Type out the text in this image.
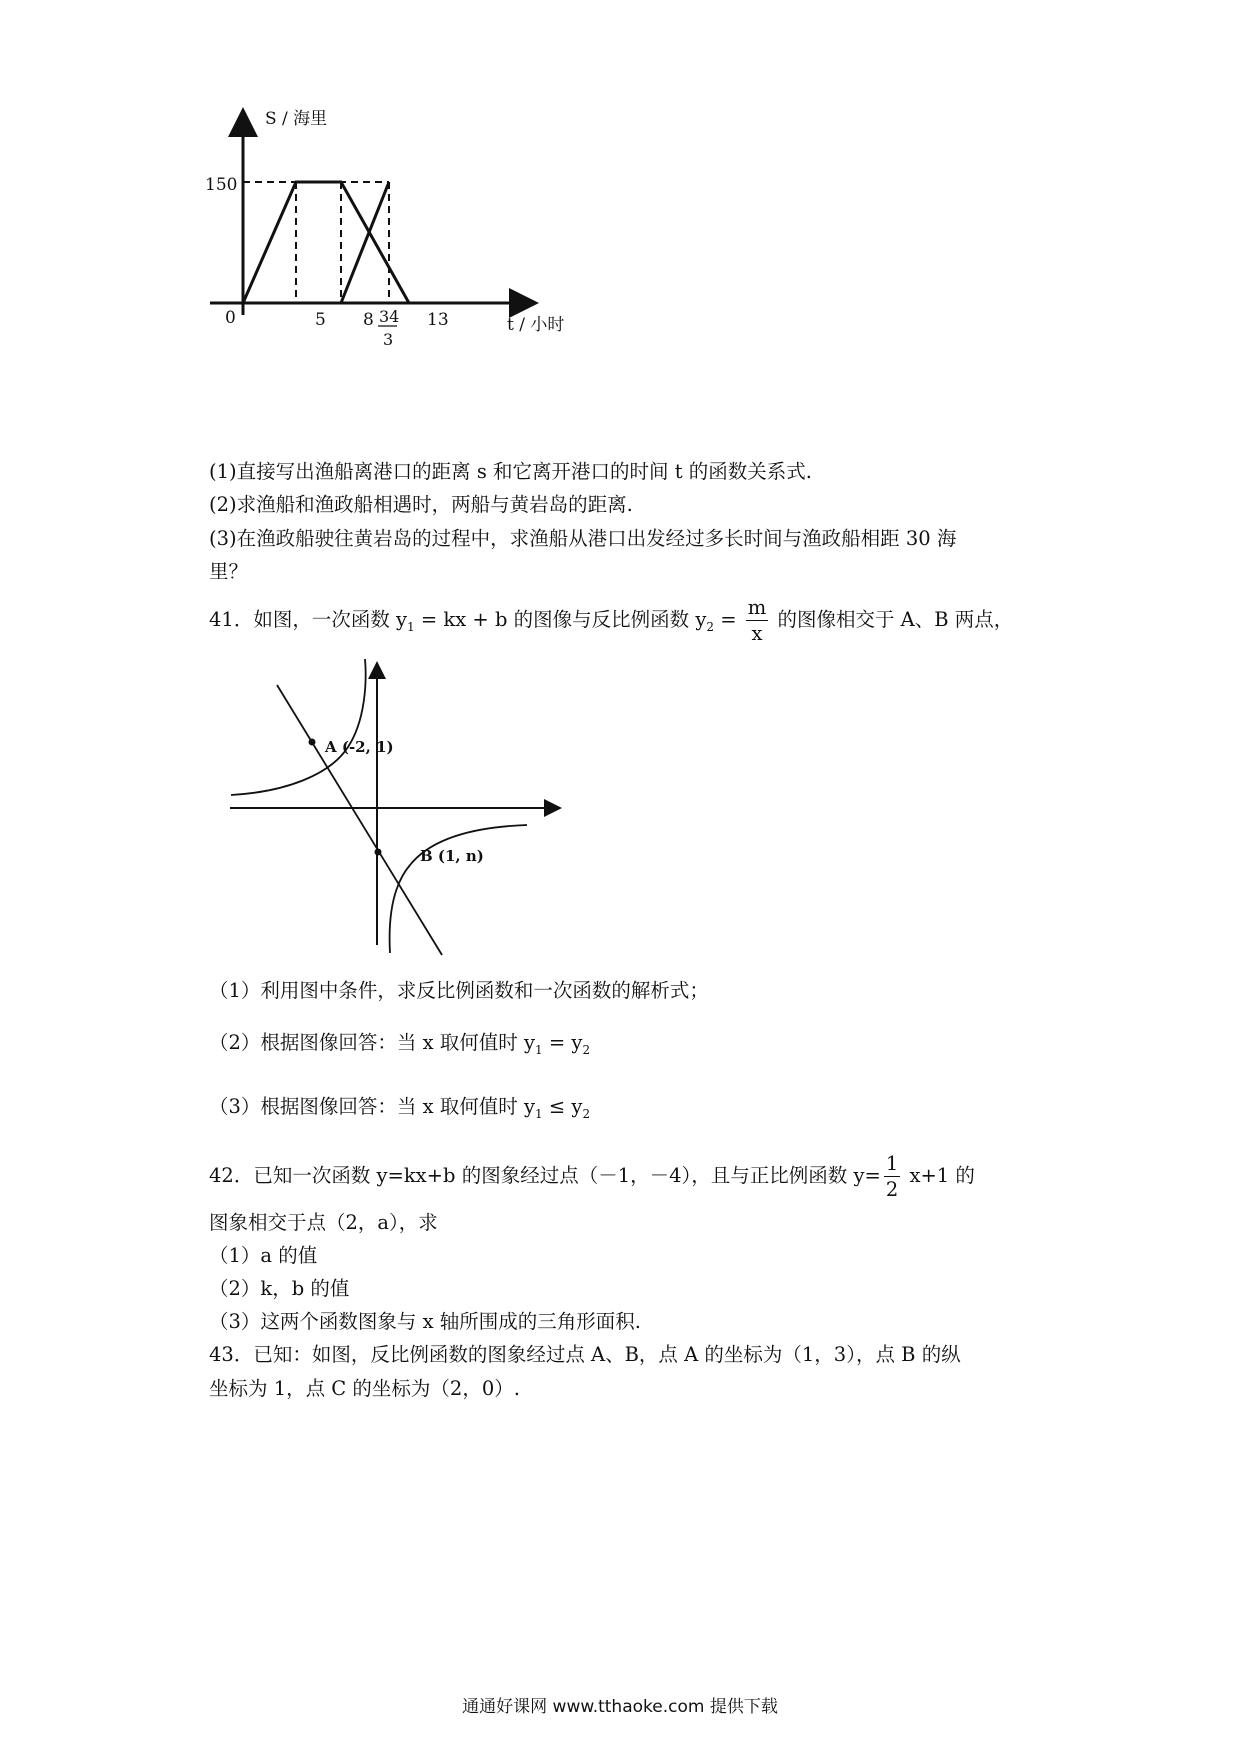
S / 海里
t / 小时
150
0	5 8	13
34
3
(1)直接写出渔船离港口的距离 s 和它离开港口的时间 t 的函数关系式.
(2)求渔船和渔政船相遇时，两船与黄岩岛的距离.
(3)在渔政船驶往黄岩岛的过程中，求渔船从港口出发经过多长时间与渔政船相距 30 海
里？
41．如图，一次函数 $y_1$ = kx + b 的图像与反比例函数 $y_2 = \frac{m}{x}$ 的图像相交于 A、B 两点，
A (-2, 1)
B (1, n)
（1）利用图中条件，求反比例函数和一次函数的解析式；
（2）根据图像回答：当 x 取何值时 $y_1 = y_2$
（3）根据图像回答：当 x 取何值时 $y_1 \le y_2$
42．已知一次函数 y=kx+b 的图象经过点（－1，－4），且与正比例函数 $y= \frac{1}{2} x+1$ 的
图象相交于点（2，a），求
（1）a 的值
（2）k，b 的值
（3）这两个函数图象与 x 轴所围成的三角形面积.
43．已知：如图，反比例函数的图象经过点 A、B，点 A 的坐标为（1，3），点 B 的纵
坐标为 1，点 C 的坐标为（2，0）.
通通好课网 www.tthaoke.com 提供下载
